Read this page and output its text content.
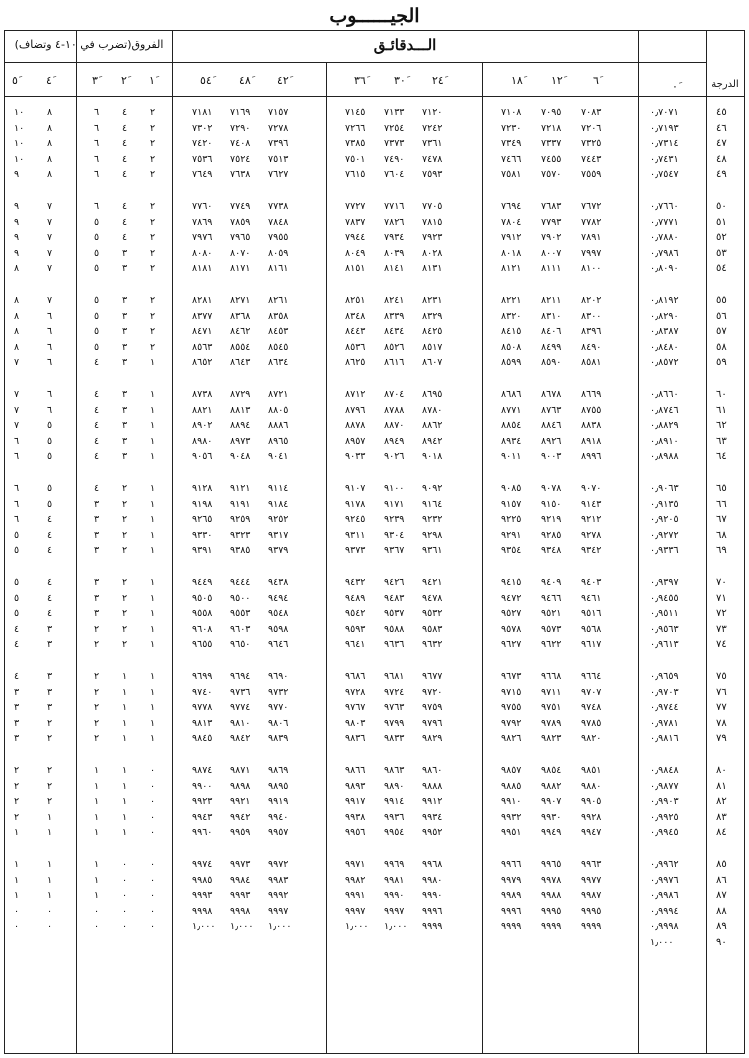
الجيــــــوب
الفروق(تضرب في ١٠-٤ وتضاف)	الـــدقائـق
الدرجة
٥َ	٤َ	٣َ ٢َ ١َ	٥٤َ ٤٨َ ٤٢َ	٣٦َ	٣٠َ ٢٤َ	١٨َ	١٢َ	٦َ	٠َ
١٠ ٨	٦ ٤ ٢	٧١٨١ ٧١٦٩ ٧١٥٧	٧١٤٥ ٧١٣٣ ٧١٢٠	٧١٠٨ ٧٠٩٥ ٧٠٨٣	٠٫٧٠٧١	٤٥
١٠ ٨	٦ ٤ ٢	٧٣٠٢ ٧٢٩٠ ٧٢٧٨	٧٢٦٦ ٧٢٥٤ ٧٢٤٢	٧٢٣٠ ٧٢١٨ ٧٢٠٦	٠٫٧١٩٣	٤٦
١٠ ٨	٦ ٤ ٢	٧٤٢٠ ٧٤٠٨ ٧٣٩٦	٧٣٨٥ ٧٣٧٣ ٧٣٦١	٧٣٤٩ ٧٣٣٧ ٧٣٢٥	٠٫٧٣١٤	٤٧
١٠ ٨	٦ ٤ ٢	٧٥٣٦ ٧٥٢٤ ٧٥١٣	٧٥٠١ ٧٤٩٠ ٧٤٧٨	٧٤٦٦ ٧٤٥٥ ٧٤٤٣	٠٫٧٤٣١	٤٨
٩	٨	٦ ٤ ٢	٧٦٤٩ ٧٦٣٨ ٧٦٢٧	٧٦١٥ ٧٦٠٤ ٧٥٩٣	٧٥٨١ ٧٥٧٠ ٧٥٥٩	٠٫٧٥٤٧	٤٩
٩	٧	٦ ٤ ٢	٧٧٦٠ ٧٧٤٩ ٧٧٣٨	٧٧٢٧ ٧٧١٦ ٧٧٠٥	٧٦٩٤ ٧٦٨٣ ٧٦٧٢	٠٫٧٦٦٠	٥٠
٩	٧	٥ ٤ ٢	٧٨٦٩ ٧٨٥٩ ٧٨٤٨	٧٨٣٧ ٧٨٢٦ ٧٨١٥	٧٨٠٤ ٧٧٩٣ ٧٧٨٢	٠٫٧٧٧١	٥١
٩	٧	٥ ٤ ٢	٧٩٧٦ ٧٩٦٥ ٧٩٥٥	٧٩٤٤ ٧٩٣٤ ٧٩٢٣	٧٩١٢ ٧٩٠٢ ٧٨٩١	٠٫٧٨٨٠	٥٢
٩	٧	٥ ٣ ٢	٨٠٨٠ ٨٠٧٠ ٨٠٥٩	٨٠٤٩ ٨٠٣٩ ٨٠٢٨	٨٠١٨ ٨٠٠٧ ٧٩٩٧	٠٫٧٩٨٦	٥٣
٨	٧	٥ ٣ ٢	٨١٨١ ٨١٧١ ٨١٦١	٨١٥١ ٨١٤١ ٨١٣١	٨١٢١ ٨١١١ ٨١٠٠	٠٫٨٠٩٠	٥٤
٨	٧	٥ ٣ ٢	٨٢٨١ ٨٢٧١ ٨٢٦١	٨٢٥١ ٨٢٤١ ٨٢٣١	٨٢٢١ ٨٢١١ ٨٢٠٢	٠٫٨١٩٢	٥٥
٨	٦	٥ ٣ ٢	٨٣٧٧ ٨٣٦٨ ٨٣٥٨	٨٣٤٨ ٨٣٣٩ ٨٣٢٩	٨٣٢٠ ٨٣١٠ ٨٣٠٠	٠٫٨٢٩٠	٥٦
٨	٦	٥ ٣ ٢	٨٤٧١ ٨٤٦٢ ٨٤٥٣	٨٤٤٣ ٨٤٣٤ ٨٤٢٥	٨٤١٥ ٨٤٠٦ ٨٣٩٦	٠٫٨٣٨٧	٥٧
٨	٦	٥ ٣ ٢	٨٥٦٣ ٨٥٥٤ ٨٥٤٥	٨٥٣٦ ٨٥٢٦ ٨٥١٧	٨٥٠٨ ٨٤٩٩ ٨٤٩٠	٠٫٨٤٨٠	٥٨
٧	٦	٤ ٣ ١	٨٦٥٢ ٨٦٤٣ ٨٦٣٤	٨٦٢٥ ٨٦١٦ ٨٦٠٧	٨٥٩٩ ٨٥٩٠ ٨٥٨١	٠٫٨٥٧٢	٥٩
٧	٦	٤ ٣ ١	٨٧٣٨ ٨٧٢٩ ٨٧٢١	٨٧١٢ ٨٧٠٤ ٨٦٩٥	٨٦٨٦ ٨٦٧٨ ٨٦٦٩	٠٫٨٦٦٠	٦٠
٧	٦	٤ ٣ ١	٨٨٢١ ٨٨١٣ ٨٨٠٥	٨٧٩٦ ٨٧٨٨ ٨٧٨٠	٨٧٧١ ٨٧٦٣ ٨٧٥٥	٠٫٨٧٤٦	٦١
٧	٥	٤ ٣ ١	٨٩٠٢ ٨٨٩٤ ٨٨٨٦	٨٨٧٨ ٨٨٧٠ ٨٨٦٢	٨٨٥٤ ٨٨٤٦ ٨٨٣٨	٠٫٨٨٢٩	٦٢
٦	٥	٤ ٣ ١	٨٩٨٠ ٨٩٧٣ ٨٩٦٥	٨٩٥٧ ٨٩٤٩ ٨٩٤٢	٨٩٣٤ ٨٩٢٦ ٨٩١٨	٠٫٨٩١٠	٦٣
٦	٥	٤ ٣ ١	٩٠٥٦ ٩٠٤٨ ٩٠٤١	٩٠٣٣ ٩٠٢٦ ٩٠١٨	٩٠١١ ٩٠٠٣ ٨٩٩٦	٠٫٨٩٨٨	٦٤
٦	٥	٤ ٢ ١	٩١٢٨ ٩١٢١ ٩١١٤	٩١٠٧ ٩١٠٠ ٩٠٩٢	٩٠٨٥ ٩٠٧٨ ٩٠٧٠	٠٫٩٠٦٣	٦٥
٦	٥	٣ ٢ ١	٩١٩٨ ٩١٩١ ٩١٨٤	٩١٧٨ ٩١٧١ ٩١٦٤	٩١٥٧ ٩١٥٠ ٩١٤٣	٠٫٩١٣٥	٦٦
٦	٤	٣ ٢ ١	٩٢٦٥ ٩٢٥٩ ٩٢٥٢	٩٢٤٥ ٩٢٣٩ ٩٢٣٢	٩٢٢٥ ٩٢١٩ ٩٢١٢	٠٫٩٢٠٥	٦٧
٥	٤	٣ ٢ ١	٩٣٣٠ ٩٣٢٣ ٩٣١٧	٩٣١١ ٩٣٠٤ ٩٢٩٨	٩٢٩١ ٩٢٨٥ ٩٢٧٨	٠٫٩٢٧٢	٦٨
٥	٤	٣ ٢ ١	٩٣٩١ ٩٣٨٥ ٩٣٧٩	٩٣٧٣ ٩٣٦٧ ٩٣٦١	٩٣٥٤ ٩٣٤٨ ٩٣٤٢	٠٫٩٣٣٦	٦٩
٥	٤	٣ ٢ ١	٩٤٤٩ ٩٤٤٤ ٩٤٣٨	٩٤٣٢ ٩٤٢٦ ٩٤٢١	٩٤١٥ ٩٤٠٩ ٩٤٠٣	٠٫٩٣٩٧	٧٠
٥	٤	٣ ٢ ١	٩٥٠٥ ٩٥٠٠ ٩٤٩٤	٩٤٨٩ ٩٤٨٣ ٩٤٧٨	٩٤٧٢ ٩٤٦٦ ٩٤٦١	٠٫٩٤٥٥	٧١
٥	٤	٣ ٢ ١	٩٥٥٨ ٩٥٥٣ ٩٥٤٨	٩٥٤٢ ٩٥٣٧ ٩٥٣٢	٩٥٢٧ ٩٥٢١ ٩٥١٦	٠٫٩٥١١	٧٢
٤	٣	٢ ٢ ١	٩٦٠٨ ٩٦٠٣ ٩٥٩٨	٩٥٩٣ ٩٥٨٨ ٩٥٨٣	٩٥٧٨ ٩٥٧٣ ٩٥٦٨	٠٫٩٥٦٣	٧٣
٤	٣	٢ ٢ ١	٩٦٥٥ ٩٦٥٠ ٩٦٤٦	٩٦٤١ ٩٦٣٦ ٩٦٣٢	٩٦٢٧ ٩٦٢٢ ٩٦١٧	٠٫٩٦١٣	٧٤
٤	٣	٢ ١ ١	٩٦٩٩ ٩٦٩٤ ٩٦٩٠	٩٦٨٦ ٩٦٨١ ٩٦٧٧	٩٦٧٣ ٩٦٦٨ ٩٦٦٤	٠٫٩٦٥٩	٧٥
٣	٣	٢ ١ ١	٩٧٤٠ ٩٧٣٦ ٩٧٣٢	٩٧٢٨ ٩٧٢٤ ٩٧٢٠	٩٧١٥ ٩٧١١ ٩٧٠٧	٠٫٩٧٠٣	٧٦
٣	٣	٢ ١ ١	٩٧٧٨ ٩٧٧٤ ٩٧٧٠	٩٧٦٧ ٩٧٦٣ ٩٧٥٩	٩٧٥٥ ٩٧٥١ ٩٧٤٨	٠٫٩٧٤٤	٧٧
٣	٢	٢ ١ ١	٩٨١٣ ٩٨١٠ ٩٨٠٦	٩٨٠٣ ٩٧٩٩ ٩٧٩٦	٩٧٩٢ ٩٧٨٩ ٩٧٨٥	٠٫٩٧٨١	٧٨
٣	٢	٢ ١ ١	٩٨٤٥ ٩٨٤٢ ٩٨٣٩	٩٨٣٦ ٩٨٣٣ ٩٨٢٩	٩٨٢٦ ٩٨٢٣ ٩٨٢٠	٠٫٩٨١٦	٧٩
٢	٢	١ ١ ٠	٩٨٧٤ ٩٨٧١ ٩٨٦٩	٩٨٦٦ ٩٨٦٣ ٩٨٦٠	٩٨٥٧ ٩٨٥٤ ٩٨٥١	٠٫٩٨٤٨	٨٠
٢	٢	١ ١ ٠	٩٩٠٠ ٩٨٩٨ ٩٨٩٥	٩٨٩٣ ٩٨٩٠ ٩٨٨٨	٩٨٨٥ ٩٨٨٢ ٩٨٨٠	٠٫٩٨٧٧	٨١
٢	٢	١ ١ ٠	٩٩٢٣ ٩٩٢١ ٩٩١٩	٩٩١٧ ٩٩١٤ ٩٩١٢	٩٩١٠ ٩٩٠٧ ٩٩٠٥	٠٫٩٩٠٣	٨٢
٢	١	١ ١ ٠	٩٩٤٣ ٩٩٤٢ ٩٩٤٠	٩٩٣٨ ٩٩٣٦ ٩٩٣٤	٩٩٣٢ ٩٩٣٠ ٩٩٢٨	٠٫٩٩٢٥	٨٣
١	١	١ ١ ٠	٩٩٦٠ ٩٩٥٩ ٩٩٥٧	٩٩٥٦ ٩٩٥٤ ٩٩٥٢	٩٩٥١ ٩٩٤٩ ٩٩٤٧	٠٫٩٩٤٥	٨٤
١	١	١ ٠ ٠	٩٩٧٤ ٩٩٧٣ ٩٩٧٢	٩٩٧١ ٩٩٦٩ ٩٩٦٨	٩٩٦٦ ٩٩٦٥ ٩٩٦٣	٠٫٩٩٦٢	٨٥
١	١	١ ٠ ٠	٩٩٨٥ ٩٩٨٤ ٩٩٨٣	٩٩٨٢ ٩٩٨١ ٩٩٨٠	٩٩٧٩ ٩٩٧٨ ٩٩٧٧	٠٫٩٩٧٦	٨٦
١	١	١ ٠ ٠	٩٩٩٣ ٩٩٩٣ ٩٩٩٢	٩٩٩١ ٩٩٩٠ ٩٩٩٠	٩٩٨٩ ٩٩٨٨ ٩٩٨٧	٠٫٩٩٨٦	٨٧
٠	٠	٠ ٠ ٠	٩٩٩٨ ٩٩٩٨ ٩٩٩٧	٩٩٩٧ ٩٩٩٧ ٩٩٩٦	٩٩٩٦ ٩٩٩٥ ٩٩٩٥	٠٫٩٩٩٤	٨٨
٠	٠	٠ ٠ ٠	١٫٠٠٠ ١٫٠٠٠ ١٫٠٠٠	١٫٠٠٠ ١٫٠٠٠ ٩٩٩٩	٩٩٩٩ ٩٩٩٩ ٩٩٩٩	٠٫٩٩٩٨	٨٩
١٫٠٠٠	٩٠
